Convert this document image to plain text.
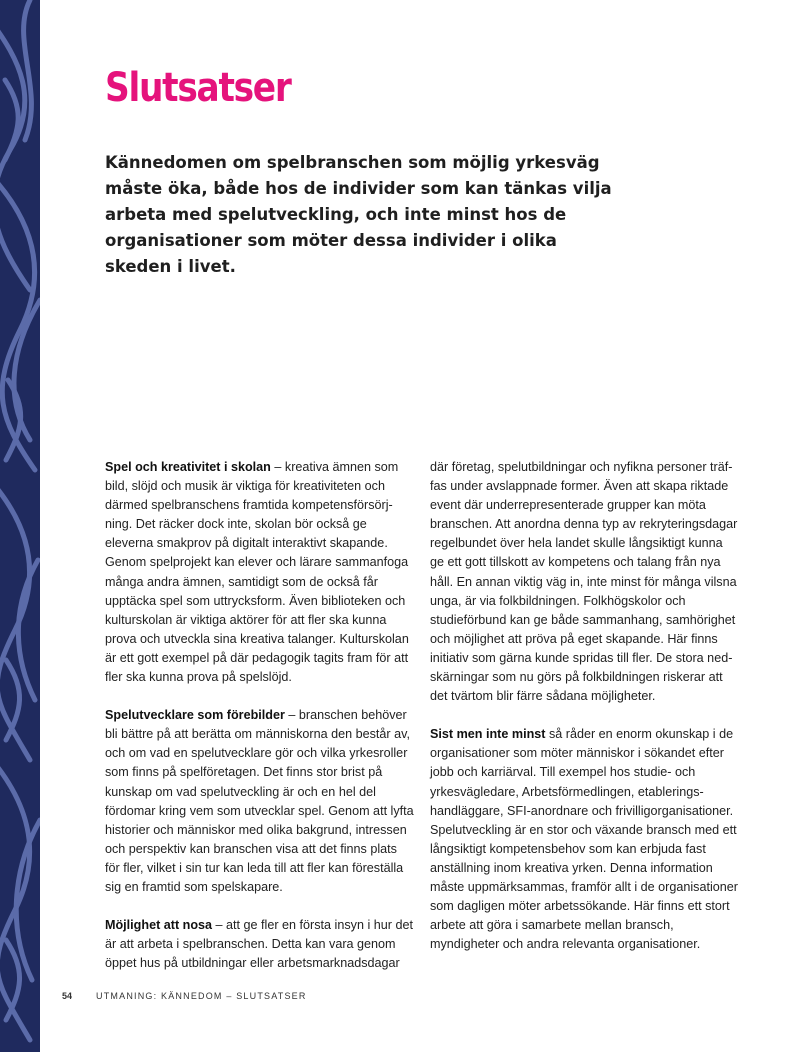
Slutsatser

Kännedomen om spelbranschen som möjlig yrkesväg måste öka, både hos de individer som kan tänkas vilja arbeta med spelutveckling, och inte minst hos de organisationer som möter dessa individer i olika skeden i livet.

Spel och kreativitet i skolan – kreativa ämnen som bild, slöjd och musik är viktiga för kreativiteten och därmed spelbranschens framtida kompetensförsörjning. Det räcker dock inte, skolan bör också ge eleverna smakprov på digitalt interaktivt skapande. Genom spelprojekt kan elever och lärare sammanfoga många andra ämnen, samtidigt som de också får upptäcka spel som uttrycksform. Även biblioteken och kulturskolan är viktiga aktörer för att fler ska kunna prova och utveckla sina kreativa talanger. Kulturskolan är ett gott exempel på där pedagogik tagits fram för att fler ska kunna prova på spelslöjd.

Spelutvecklare som förebilder – branschen behöver bli bättre på att berätta om människorna den består av, och om vad en spelutvecklare gör och vilka yrkesroller som finns på spelföretagen. Det finns stor brist på kunskap om vad spelutveckling är och en hel del fördomar kring vem som utvecklar spel. Genom att lyfta historier och människor med olika bakgrund, intressen och perspektiv kan branschen visa att det finns plats för fler, vilket i sin tur kan leda till att fler kan föreställa sig en framtid som spelskapare.

Möjlighet att nosa – att ge fler en första insyn i hur det är att arbeta i spelbranschen. Detta kan vara genom öppet hus på utbildningar eller arbetsmarknadsdagar

där företag, spelutbildningar och nyfikna personer träffas under avslappnade former. Även att skapa riktade event där underrepresenterade grupper kan möta branschen. Att anordna denna typ av rekryteringsdagar regelbundet över hela landet skulle långsiktigt kunna ge ett gott tillskott av kompetens och talang från nya håll. En annan viktig väg in, inte minst för många vilsna unga, är via folkbildningen. Folkhögskolor och studieförbund kan ge både sammanhang, samhörighet och möjlighet att pröva på eget skapande. Här finns initiativ som gärna kunde spridas till fler. De stora nedskärningar som nu görs på folkbildningen riskerar att det tvärtom blir färre sådana möjligheter.

Sist men inte minst så råder en enorm okunskap i de organisationer som möter människor i sökandet efter jobb och karriärval. Till exempel hos studie- och yrkesvägledare, Arbetsförmedlingen, etableringshandläggare, SFI-anordnare och frivilligorganisationer. Spelutveckling är en stor och växande bransch med ett långsiktigt kompetensbehov som kan erbjuda fast anställning inom kreativa yrken. Denna information måste uppmärksammas, framför allt i de organisationer som dagligen möter arbetssökande. Här finns ett stort arbete att göra i samarbete mellan bransch, myndigheter och andra relevanta organisationer.

54	UTMANING: KÄNNEDOM – SLUTSATSER
